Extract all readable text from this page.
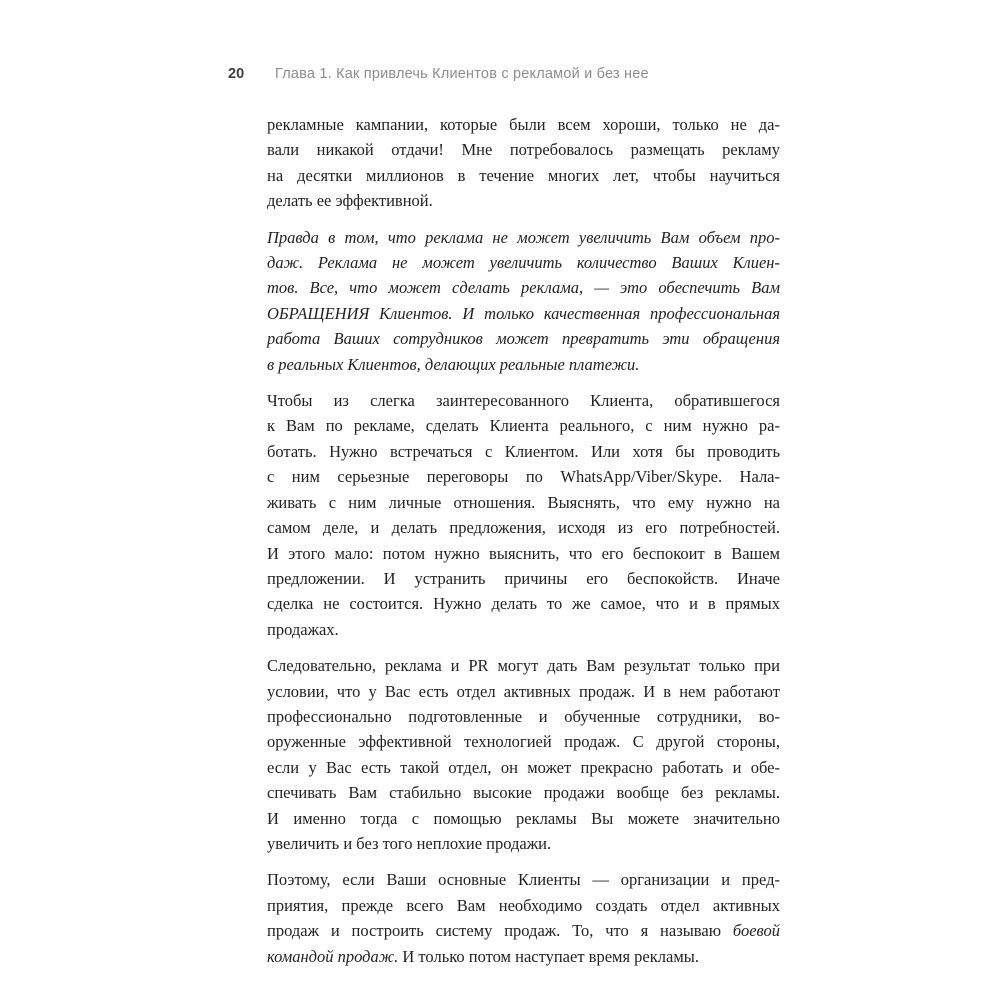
20	Глава 1. Как привлечь Клиентов с рекламой и без нее
рекламные кампании, которые были всем хороши, только не да-
вали никакой отдачи! Мне потребовалось размещать рекламу
на десятки миллионов в течение многих лет, чтобы научиться
делать ее эффективной.
Правда в том, что реклама не может увеличить Вам объем про-
даж. Реклама не может увеличить количество Ваших Клиен-
тов. Все, что может сделать реклама, — это обеспечить Вам
ОБРАЩЕНИЯ Клиентов. И только качественная профессиональная
работа Ваших сотрудников может превратить эти обращения
в реальных Клиентов, делающих реальные платежи.
Чтобы из слегка заинтересованного Клиента, обратившегося
к Вам по рекламе, сделать Клиента реального, с ним нужно ра-
ботать. Нужно встречаться с Клиентом. Или хотя бы проводить
с ним серьезные переговоры по WhatsApp/Viber/Skype. Нала-
живать с ним личные отношения. Выяснять, что ему нужно на
самом деле, и делать предложения, исходя из его потребностей.
И этого мало: потом нужно выяснить, что его беспокоит в Вашем
предложении. И устранить причины его беспокойств. Иначе
сделка не состоится. Нужно делать то же самое, что и в прямых
продажах.
Следовательно, реклама и PR могут дать Вам результат только при
условии, что у Вас есть отдел активных продаж. И в нем работают
профессионально подготовленные и обученные сотрудники, во-
оруженные эффективной технологией продаж. С другой стороны,
если у Вас есть такой отдел, он может прекрасно работать и обе-
спечивать Вам стабильно высокие продажи вообще без рекламы.
И именно тогда с помощью рекламы Вы можете значительно
увеличить и без того неплохие продажи.
Поэтому, если Ваши основные Клиенты — организации и пред-
приятия, прежде всего Вам необходимо создать отдел активных
продаж и построить систему продаж. То, что я называю боевой
командой продаж. И только потом наступает время рекламы.
